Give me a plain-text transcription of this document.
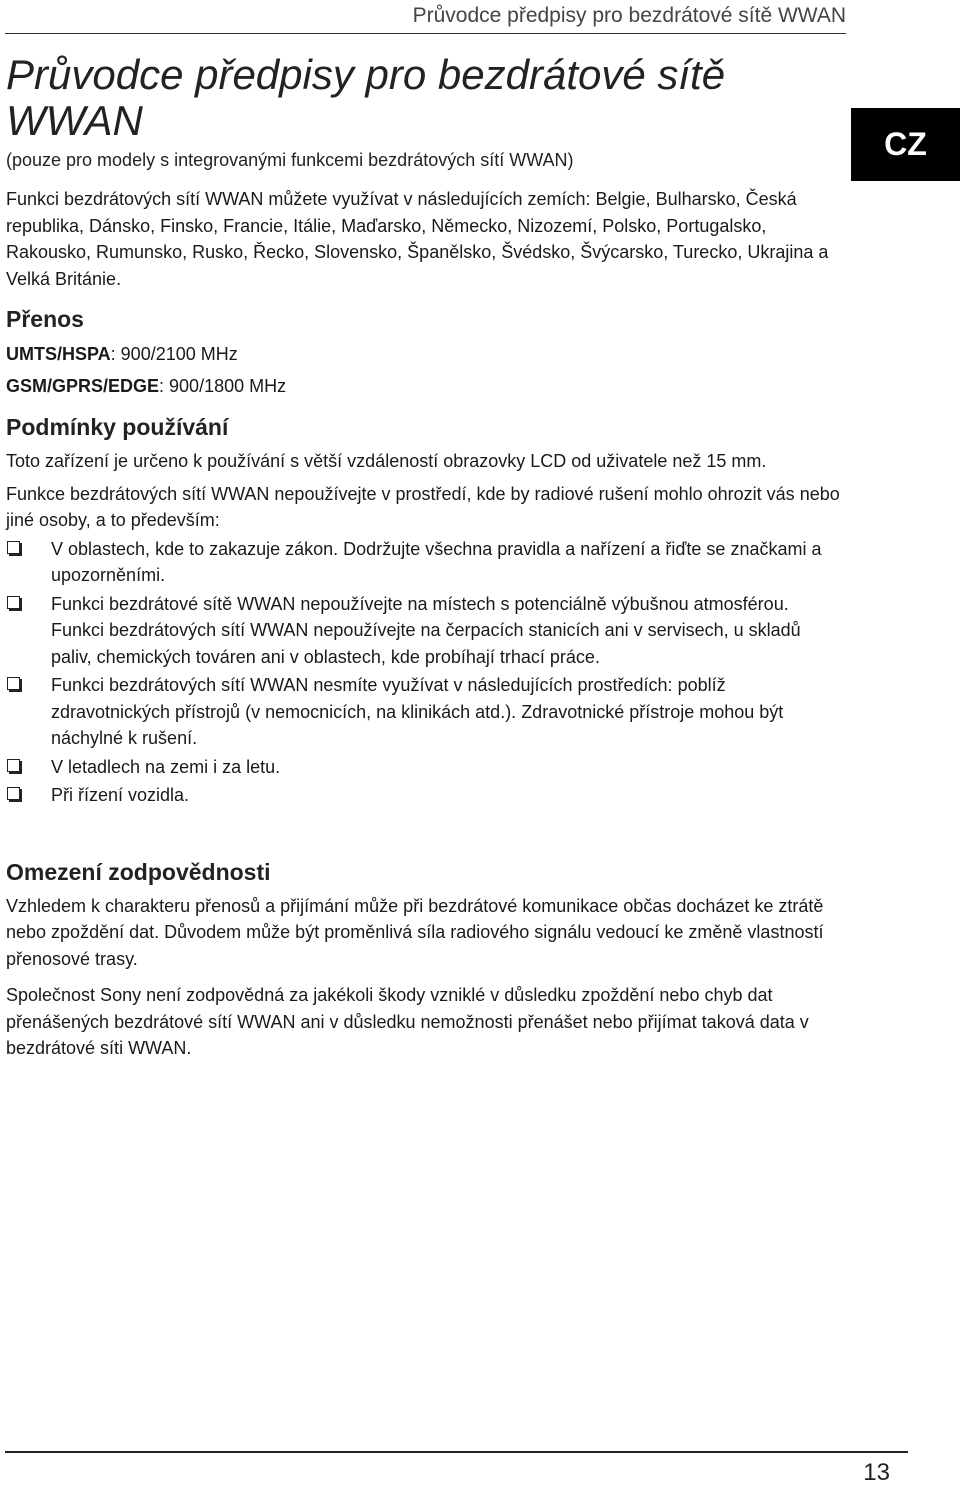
Průvodce předpisy pro bezdrátové sítě WWAN
CZ
Průvodce předpisy pro bezdrátové sítě WWAN

(pouze pro modely s integrovanými funkcemi bezdrátových sítí WWAN)

Funkci bezdrátových sítí WWAN můžete využívat v následujících zemích: Belgie, Bulharsko, Česká republika, Dánsko, Finsko, Francie, Itálie, Maďarsko, Německo, Nizozemí, Polsko, Portugalsko, Rakousko, Rumunsko, Rusko, Řecko, Slovensko, Španělsko, Švédsko, Švýcarsko, Turecko, Ukrajina a Velká Británie.

Přenos

UMTS/HSPA: 900/2100 MHz

GSM/GPRS/EDGE: 900/1800 MHz

Podmínky používání

Toto zařízení je určeno k používání s větší vzdáleností obrazovky LCD od uživatele než 15 mm.

Funkce bezdrátových sítí WWAN nepoužívejte v prostředí, kde by radiové rušení mohlo ohrozit vás nebo jiné osoby, a to především:

V oblastech, kde to zakazuje zákon. Dodržujte všechna pravidla a nařízení a řiďte se značkami a upozorněními.
Funkci bezdrátové sítě WWAN nepoužívejte na místech s potenciálně výbušnou atmosférou. Funkci bezdrátových sítí WWAN nepoužívejte na čerpacích stanicích ani v servisech, u skladů paliv, chemických továren ani v oblastech, kde probíhají trhací práce.
Funkci bezdrátových sítí WWAN nesmíte využívat v následujících prostředích: poblíž zdravotnických přístrojů (v nemocnicích, na klinikách atd.). Zdravotnické přístroje mohou být náchylné k rušení.
V letadlech na zemi i za letu.
Při řízení vozidla.
Omezení zodpovědnosti

Vzhledem k charakteru přenosů a přijímání může při bezdrátové komunikace občas docházet ke ztrátě nebo zpoždění dat. Důvodem může být proměnlivá síla radiového signálu vedoucí ke změně vlastností přenosové trasy.

Společnost Sony není zodpovědná za jakékoli škody vzniklé v důsledku zpoždění nebo chyb dat přenášených bezdrátové sítí WWAN ani v důsledku nemožnosti přenášet nebo přijímat taková data v bezdrátové síti WWAN.

13
